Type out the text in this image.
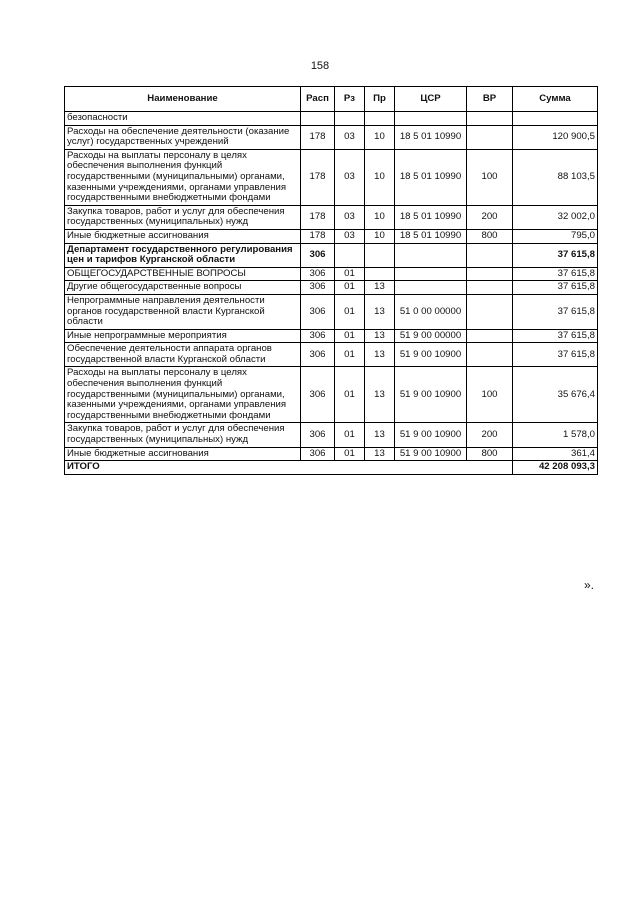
158
Наименование	Расп	Рз	Пр	ЦСР	ВР	Сумма
безопасности						
Расходы на обеспечение деятельности (оказание услуг) государственных учреждений	178	03	10	18 5 01 10990		120 900,5
Расходы на выплаты персоналу в целях обеспечения выполнения функций государственными (муниципальными) органами, казенными учреждениями, органами управления государственными внебюджетными фондами	178	03	10	18 5 01 10990	100	88 103,5
Закупка товаров, работ и услуг для обеспечения государственных (муниципальных) нужд	178	03	10	18 5 01 10990	200	32 002,0
Иные бюджетные ассигнования	178	03	10	18 5 01 10990	800	795,0
Департамент государственного регулирования цен и тарифов Курганской области	306					37 615,8
ОБЩЕГОСУДАРСТВЕННЫЕ ВОПРОСЫ	306	01				37 615,8
Другие общегосударственные вопросы	306	01	13			37 615,8
Непрограммные направления деятельности органов государственной власти Курганской области	306	01	13	51 0 00 00000		37 615,8
Иные непрограммные мероприятия	306	01	13	51 9 00 00000		37 615,8
Обеспечение деятельности аппарата органов государственной власти Курганской области	306	01	13	51 9 00 10900		37 615,8
Расходы на выплаты персоналу в целях обеспечения выполнения функций государственными (муниципальными) органами, казенными учреждениями, органами управления государственными внебюджетными фондами	306	01	13	51 9 00 10900	100	35 676,4
Закупка товаров, работ и услуг для обеспечения государственных (муниципальных) нужд	306	01	13	51 9 00 10900	200	1 578,0
Иные бюджетные ассигнования	306	01	13	51 9 00 10900	800	361,4
ИТОГО						42 208 093,3
».
